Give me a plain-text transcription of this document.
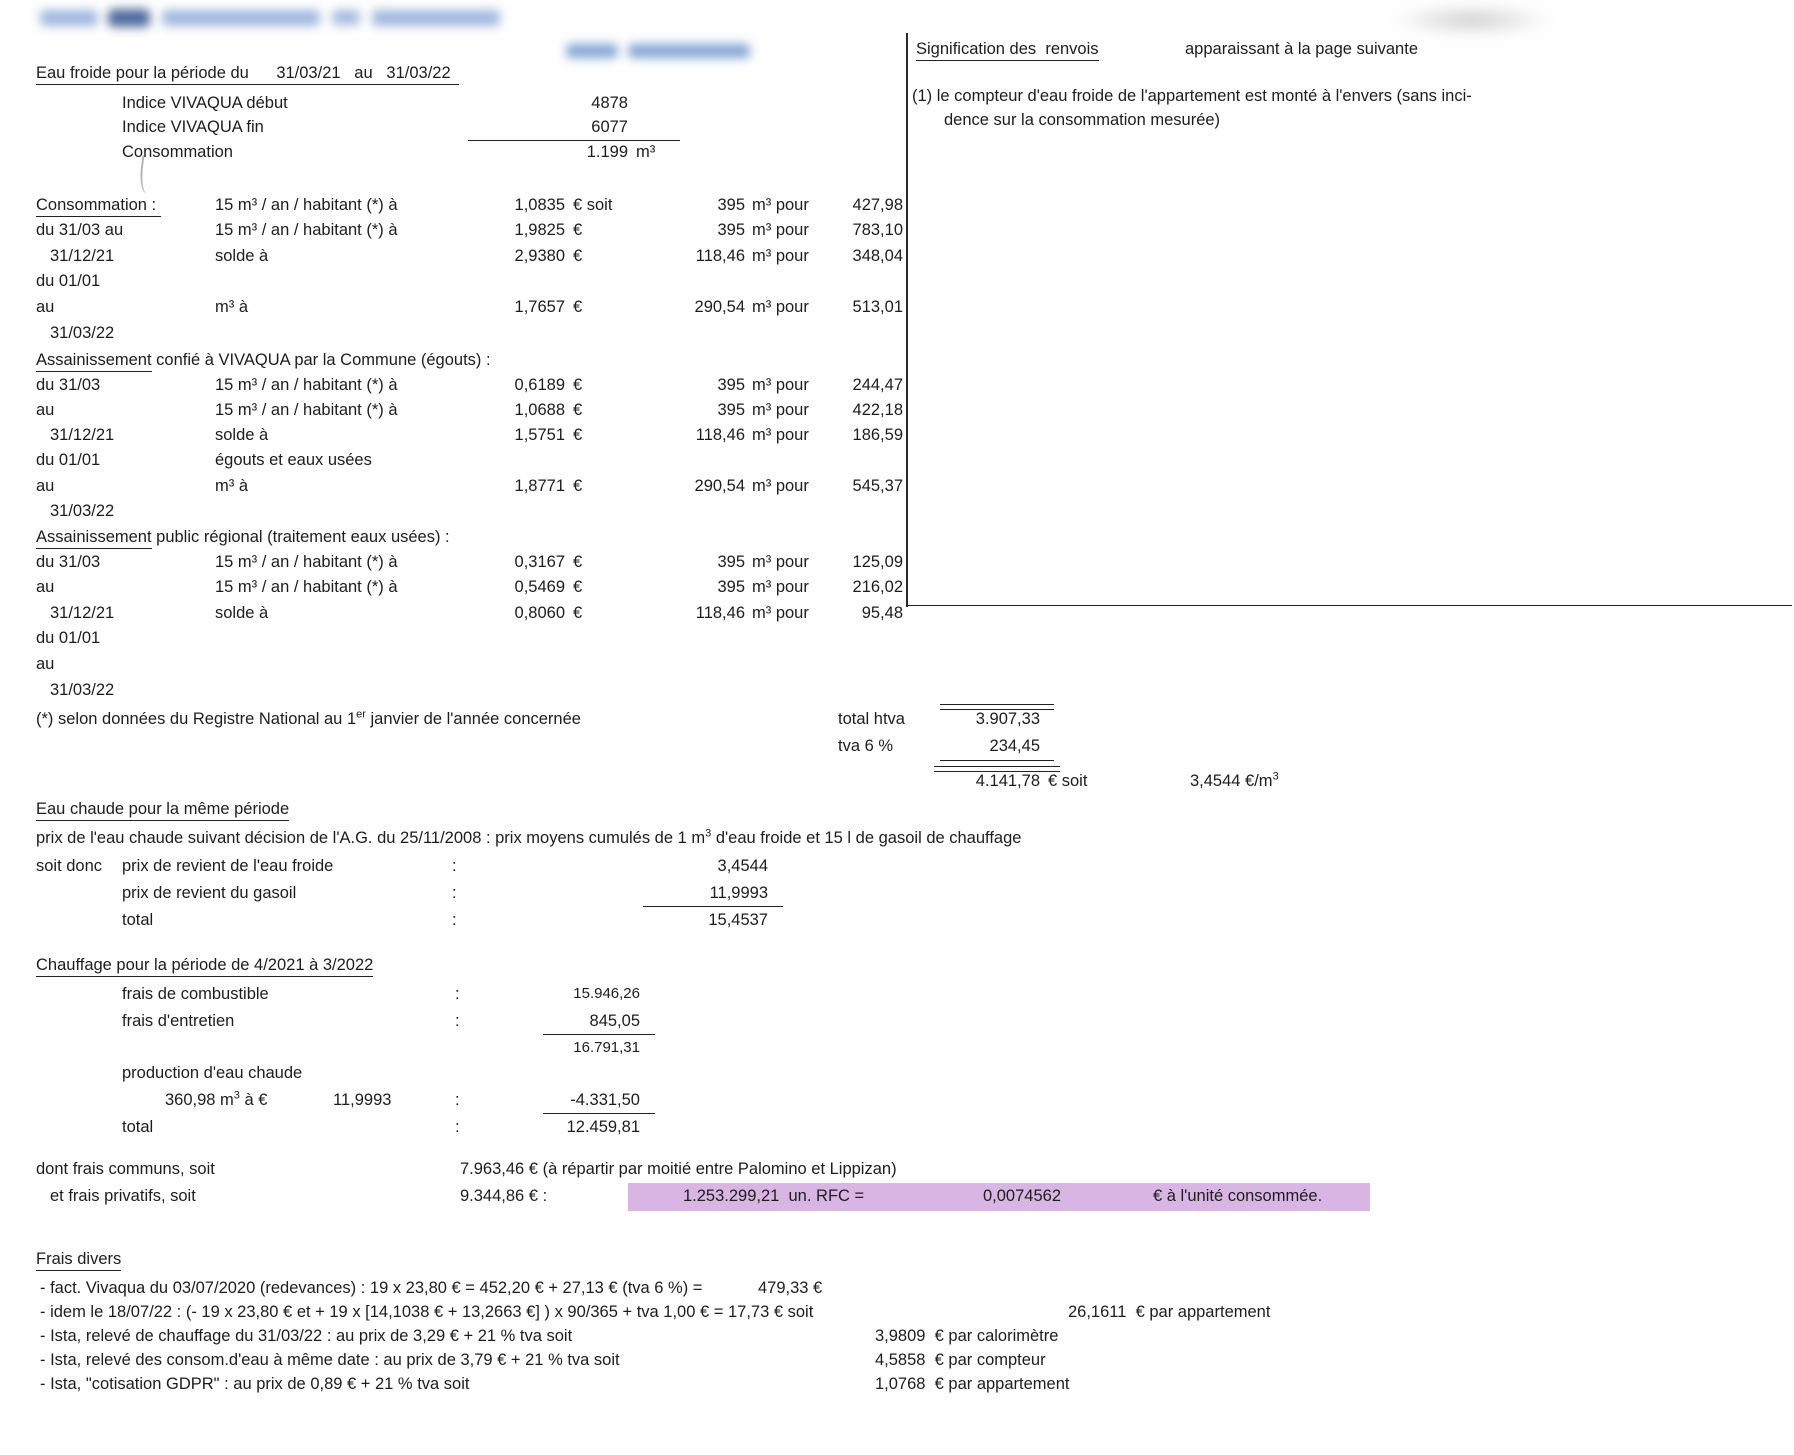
Signification des  renvois	apparaissant à la page suivante
(1) le compteur d'eau froide de l'appartement est monté à l'envers (sans inci-
dence sur la consommation mesurée)
Eau froide pour la période du      31/03/21   au   31/03/22
Indice VIVAQUA début	4878
Indice VIVAQUA fin	6077
Consommation	1.199 m³
Consommation :	15 m³ / an / habitant (*) à	1,0835 € soit	395 m³ pour	427,98
du 31/03 au	15 m³ / an / habitant (*) à	1,9825 €	395 m³ pour	783,10
31/12/21	solde à	2,9380 €	118,46 m³ pour	348,04
du 01/01
au	m³ à	1,7657 €	290,54 m³ pour	513,01
31/03/22
Assainissement confié à VIVAQUA par la Commune (égouts) :
du 31/03	15 m³ / an / habitant (*) à	0,6189 €	395 m³ pour	244,47
au	15 m³ / an / habitant (*) à	1,0688 €	395 m³ pour	422,18
31/12/21	solde à	1,5751 €	118,46 m³ pour	186,59
du 01/01	égouts et eaux usées
au	m³ à	1,8771 €	290,54 m³ pour	545,37
31/03/22
Assainissement public régional (traitement eaux usées) :
du 31/03	15 m³ / an / habitant (*) à	0,3167 €	395 m³ pour	125,09
au	15 m³ / an / habitant (*) à	0,5469 €	395 m³ pour	216,02
31/12/21	solde à	0,8060 €	118,46 m³ pour	95,48
du 01/01
au
31/03/22
(*) selon données du Registre National au 1er janvier de l'année concernée	total htva	3.907,33
tva 6 %	234,45
4.141,78 € soit	3,4544 $€/m^3$
Eau chaude pour la même période
prix de l'eau chaude suivant décision de l'A.G. du 25/11/2008 : prix moyens cumulés de 1 $m^3$ d'eau froide et 15 l de gasoil de chauffage
soit donc prix de revient de l'eau froide	:	3,4544
prix de revient du gasoil	:	11,9993
total	:	15,4537
Chauffage pour la période de 4/2021 à 3/2022
frais de combustible	:	15.946,26
frais d'entretien	:	845,05
16.791,31
production d'eau chaude
360,98 $m^3$ à €	11,9993	:	-4.331,50
total	:	12.459,81
dont frais communs, soit	7.963,46 € (à répartir par moitié entre Palomino et Lippizan)
et frais privatifs, soit	9.344,86 € :	1.253.299,21  un. RFC =	0,0074562	€ à l'unité consommée.
Frais divers
- fact. Vivaqua du 03/07/2020 (redevances) : 19 x 23,80 € = 452,20 € + 27,13 € (tva 6 %) =	479,33 €
- idem le 18/07/22 : (- 19 x 23,80 € et + 19 x [14,1038 € + 13,2663 €] ) x 90/365 + tva 1,00 € = 17,73 € soit	26,1611  € par appartement
- Ista, relevé de chauffage du 31/03/22 : au prix de 3,29 € + 21 % tva soit	3,9809  € par calorimètre
- Ista, relevé des consom.d'eau à même date : au prix de 3,79 € + 21 % tva soit	4,5858  € par compteur
- Ista, "cotisation GDPR" : au prix de 0,89 € + 21 % tva soit	1,0768  € par appartement
